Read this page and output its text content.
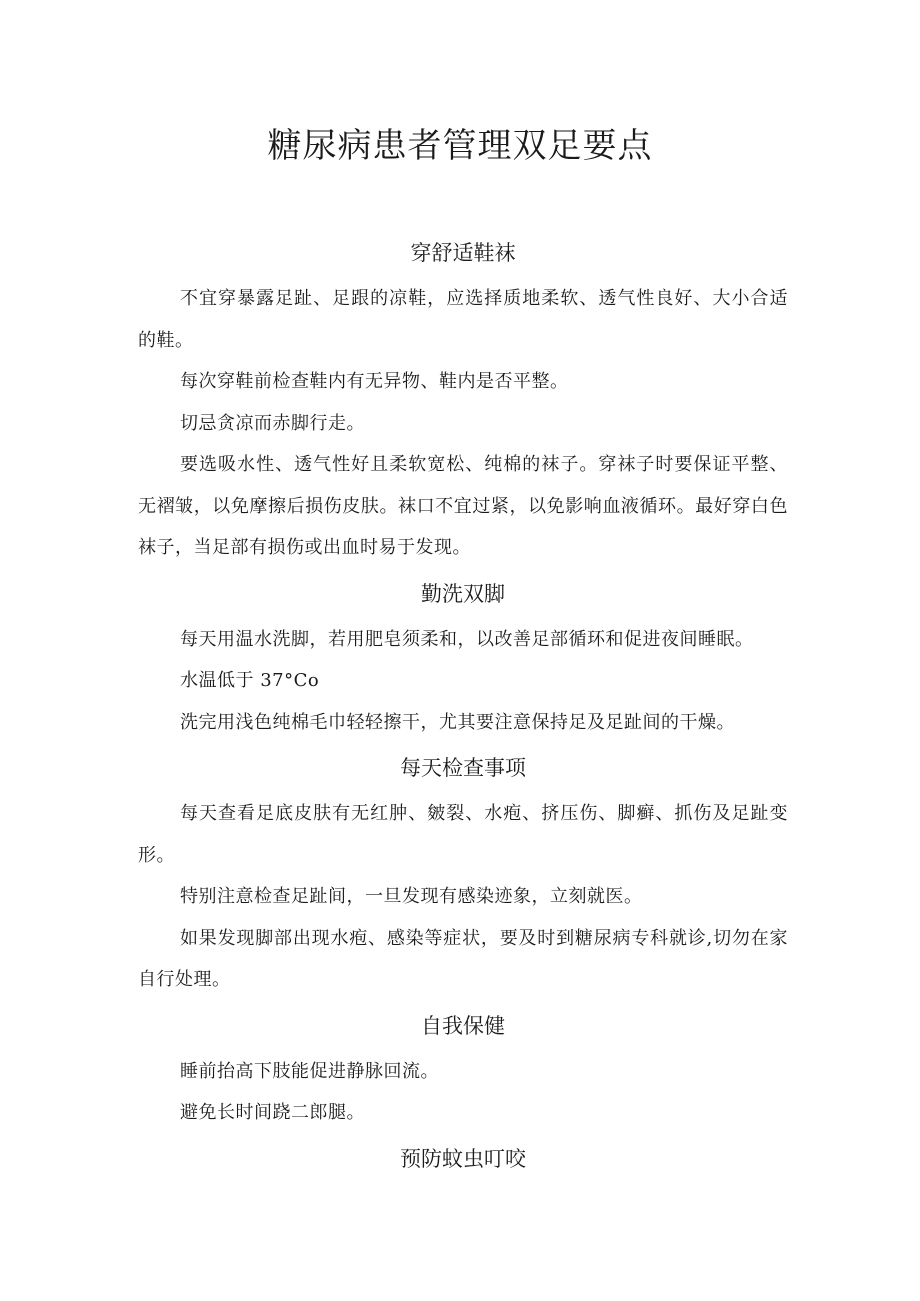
糖尿病患者管理双足要点
穿舒适鞋袜

不宜穿暴露足趾、足跟的凉鞋，应选择质地柔软、透气性良好、大小合适的鞋。

每次穿鞋前检查鞋内有无异物、鞋内是否平整。

切忌贪凉而赤脚行走。

要选吸水性、透气性好且柔软宽松、纯棉的袜子。穿袜子时要保证平整、无褶皱，以免摩擦后损伤皮肤。袜口不宜过紧，以免影响血液循环。最好穿白色袜子，当足部有损伤或出血时易于发现。

勤洗双脚

每天用温水洗脚，若用肥皂须柔和，以改善足部循环和促进夜间睡眠。

水温低于 37°Co

洗完用浅色纯棉毛巾轻轻擦干，尤其要注意保持足及足趾间的干燥。

每天检查事项

每天查看足底皮肤有无红肿、皴裂、水疱、挤压伤、脚癣、抓伤及足趾变形。

特别注意检查足趾间，一旦发现有感染迹象，立刻就医。

如果发现脚部出现水疱、感染等症状，要及时到糖尿病专科就诊,切勿在家自行处理。

自我保健

睡前抬高下肢能促进静脉回流。

避免长时间跷二郎腿。

预防蚊虫叮咬
